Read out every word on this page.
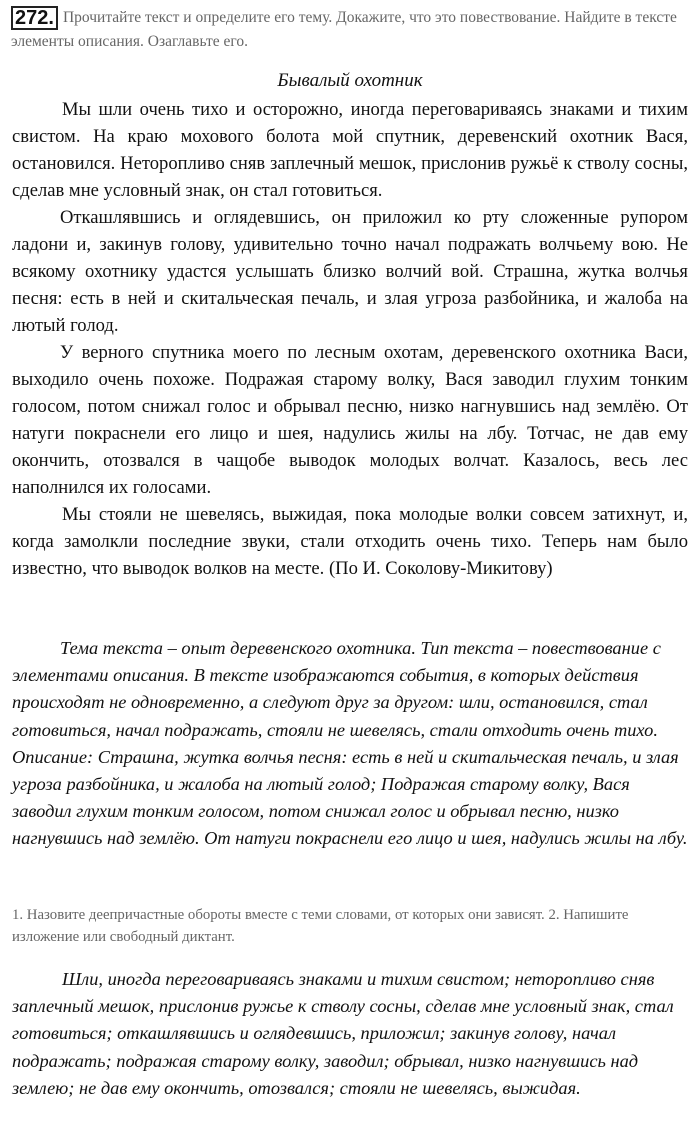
272. Прочитайте текст и определите его тему. Докажите, что это повествование. Найдите в тексте элементы описания. Озаглавьте его.
Бывалый охотник

Мы шли очень тихо и осторожно, иногда переговариваясь знаками и тихим свистом. На краю мохового болота мой спутник, деревенский охотник Вася, остановился. Неторопливо сняв заплечный мешок, прислонив ружьё к стволу сосны, сделав мне условный знак, он стал готовиться.

Откашлявшись и оглядевшись, он приложил ко рту сложенные рупором ладони и, закинув голову, удивительно точно начал подражать волчьему вою. Не всякому охотнику удастся услышать близко волчий вой. Страшна, жутка волчья песня: есть в ней и скитальческая печаль, и злая угроза разбойника, и жалоба на лютый голод.

У верного спутника моего по лесным охотам, деревенского охотника Васи, выходило очень похоже. Подражая старому волку, Вася заводил глухим тонким голосом, потом снижал голос и обрывал песню, низко нагнувшись над землёю. От натуги покраснели его лицо и шея, надулись жилы на лбу. Тотчас, не дав ему окончить, отозвался в чащобе выводок молодых волчат. Казалось, весь лес наполнился их голосами.

Мы стояли не шевелясь, выжидая, пока молодые волки совсем затихнут, и, когда замолкли последние звуки, стали отходить очень тихо. Теперь нам было известно, что выводок волков на месте. (По И. Соколову-Микитову)

Тема текста – опыт деревенского охотника. Тип текста – повествование с элементами описания. В тексте изображаются события, в которых действия происходят не одновременно, а следуют друг за другом: шли, остановился, стал готовиться, начал подражать, стояли не шевелясь, стали отходить очень тихо. Описание: Страшна, жутка волчья песня: есть в ней и скитальческая печаль, и злая угроза разбойника, и жалоба на лютый голод; Подражая старому волку, Вася заводил глухим тонким голосом, потом снижал голос и обрывал песню, низко нагнувшись над землёю. От натуги покраснели его лицо и шея, надулись жилы на лбу.

1. Назовите деепричастные обороты вместе с теми словами, от которых они зависят. 2. Напишите изложение или свободный диктант.

Шли, иногда переговариваясь знаками и тихим свистом; неторопливо сняв заплечный мешок, прислонив ружье к стволу сосны, сделав мне условный знак, стал готовиться; откашлявшись и оглядевшись, приложил; закинув голову, начал подражать; подражая старому волку, заводил; обрывал, низко нагнувшись над землею; не дав ему окончить, отозвался; стояли не шевелясь, выжидая.
